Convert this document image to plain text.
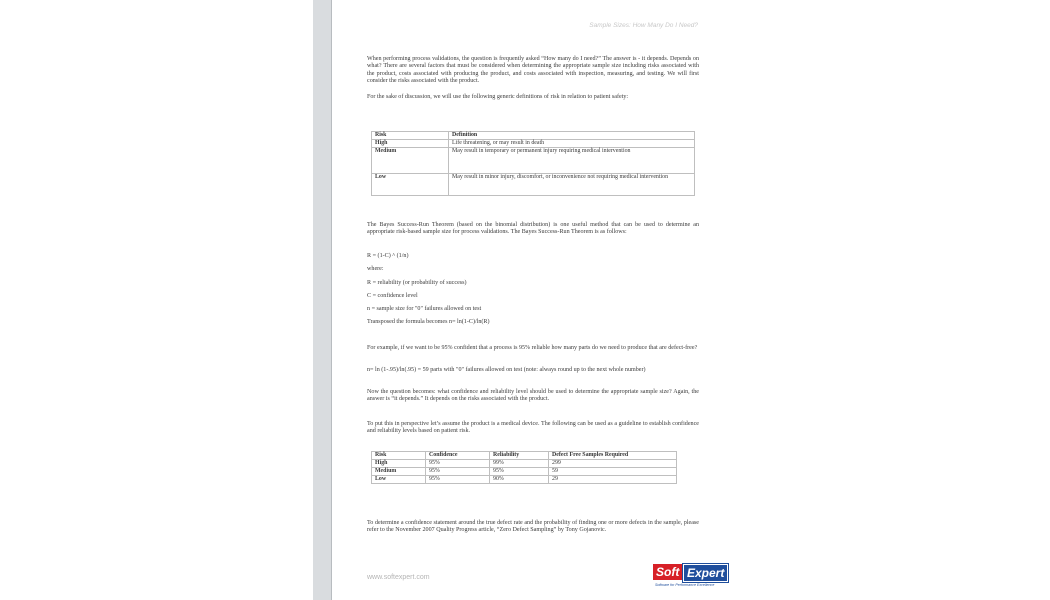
Sample Sizes: How Many Do I Need?

When performing process validations, the question is frequently asked “How many do I need?” The answer is - it depends. Depends on what? There are several factors that must be considered when determining the appropriate sample size including risks associated with the product, costs associated with producing the product, and costs associated with inspection, measuring, and testing. We will first consider the risks associated with the product.

For the sake of discussion, we will use the following generic definitions of risk in relation to patient safety:

Risk	Definition
High	Life threatening, or may result in death
Medium	May result in temporary or permanent injury requiring medical intervention
Low	May result in minor injury, discomfort, or inconvenience not requiring medical intervention

The Bayes Success-Run Theorem (based on the binomial distribution) is one useful method that can be used to determine an appropriate risk-based sample size for process validations. The Bayes Success-Run Theorem is as follows:

R = (1-C) ^ (1/n)

where:

R = reliability (or probability of success)

C = confidence level

n = sample size for "0" failures allowed on test

Transposed the formula becomes n= ln(1-C)/ln(R)

For example, if we want to be 95% confident that a process is 95% reliable how many parts do we need to produce that are defect-free?

n= ln (1-.95)/ln(.95) = 59 parts with "0" failures allowed on test (note: always round up to the next whole number)

Now the question becomes: what confidence and reliability level should be used to determine the appropriate sample size? Again, the answer is “it depends.” It depends on the risks associated with the product.

To put this in perspective let’s assume the product is a medical device. The following can be used as a guideline to establish confidence and reliability levels based on patient risk.

Risk	Confidence	Reliability	Defect Free Samples Required
High	95%	99%	299
Medium	95%	95%	59
Low	95%	90%	29

To determine a confidence statement around the true defect rate and the probability of finding one or more defects in the sample, please refer to the November 2007 Quality Progress article, “Zero Defect Sampling” by Tony Gojanovic.

Soft Expert
Software for Performance Excellence
www.softexpert.com
